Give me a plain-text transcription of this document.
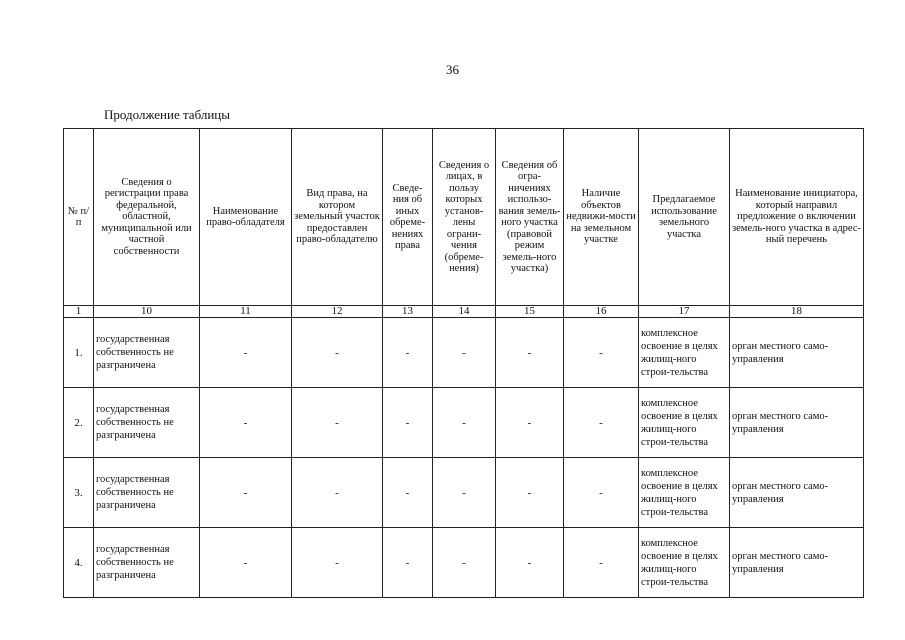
36
Продолжение таблицы
№ п/п	Сведения о регистрации права федеральной, областной, муниципальной или частной собственности	Наименование право-обладателя	Вид права, на котором земельный участок предоставлен право-обладателю	Сведе-ния об иных обреме-нениях права	Сведения о лицах, в пользу которых установ-лены ограни-чения (обреме-нения)	Сведения об огра-ничениях использо-вания земель-ного участка (правовой режим земель-ного участка)	Наличие объектов недвижи-мости на земельном участке	Предлагаемое использование земельного участка	Наименование инициатора, который направил предложение о включении земель-ного участка в адрес-ный перечень
1	10	11	12	13	14	15	16	17	18
1.	государственная собственность не разграничена	-	-	-	-	-	-	комплексное освоение в целях жилищ-ного строи-тельства	орган местного само-управления
2.	государственная собственность не разграничена	-	-	-	-	-	-	комплексное освоение в целях жилищ-ного строи-тельства	орган местного само-управления
3.	государственная собственность не разграничена	-	-	-	-	-	-	комплексное освоение в целях жилищ-ного строи-тельства	орган местного само-управления
4.	государственная собственность не разграничена	-	-	-	-	-	-	комплексное освоение в целях жилищ-ного строи-тельства	орган местного само-управления
